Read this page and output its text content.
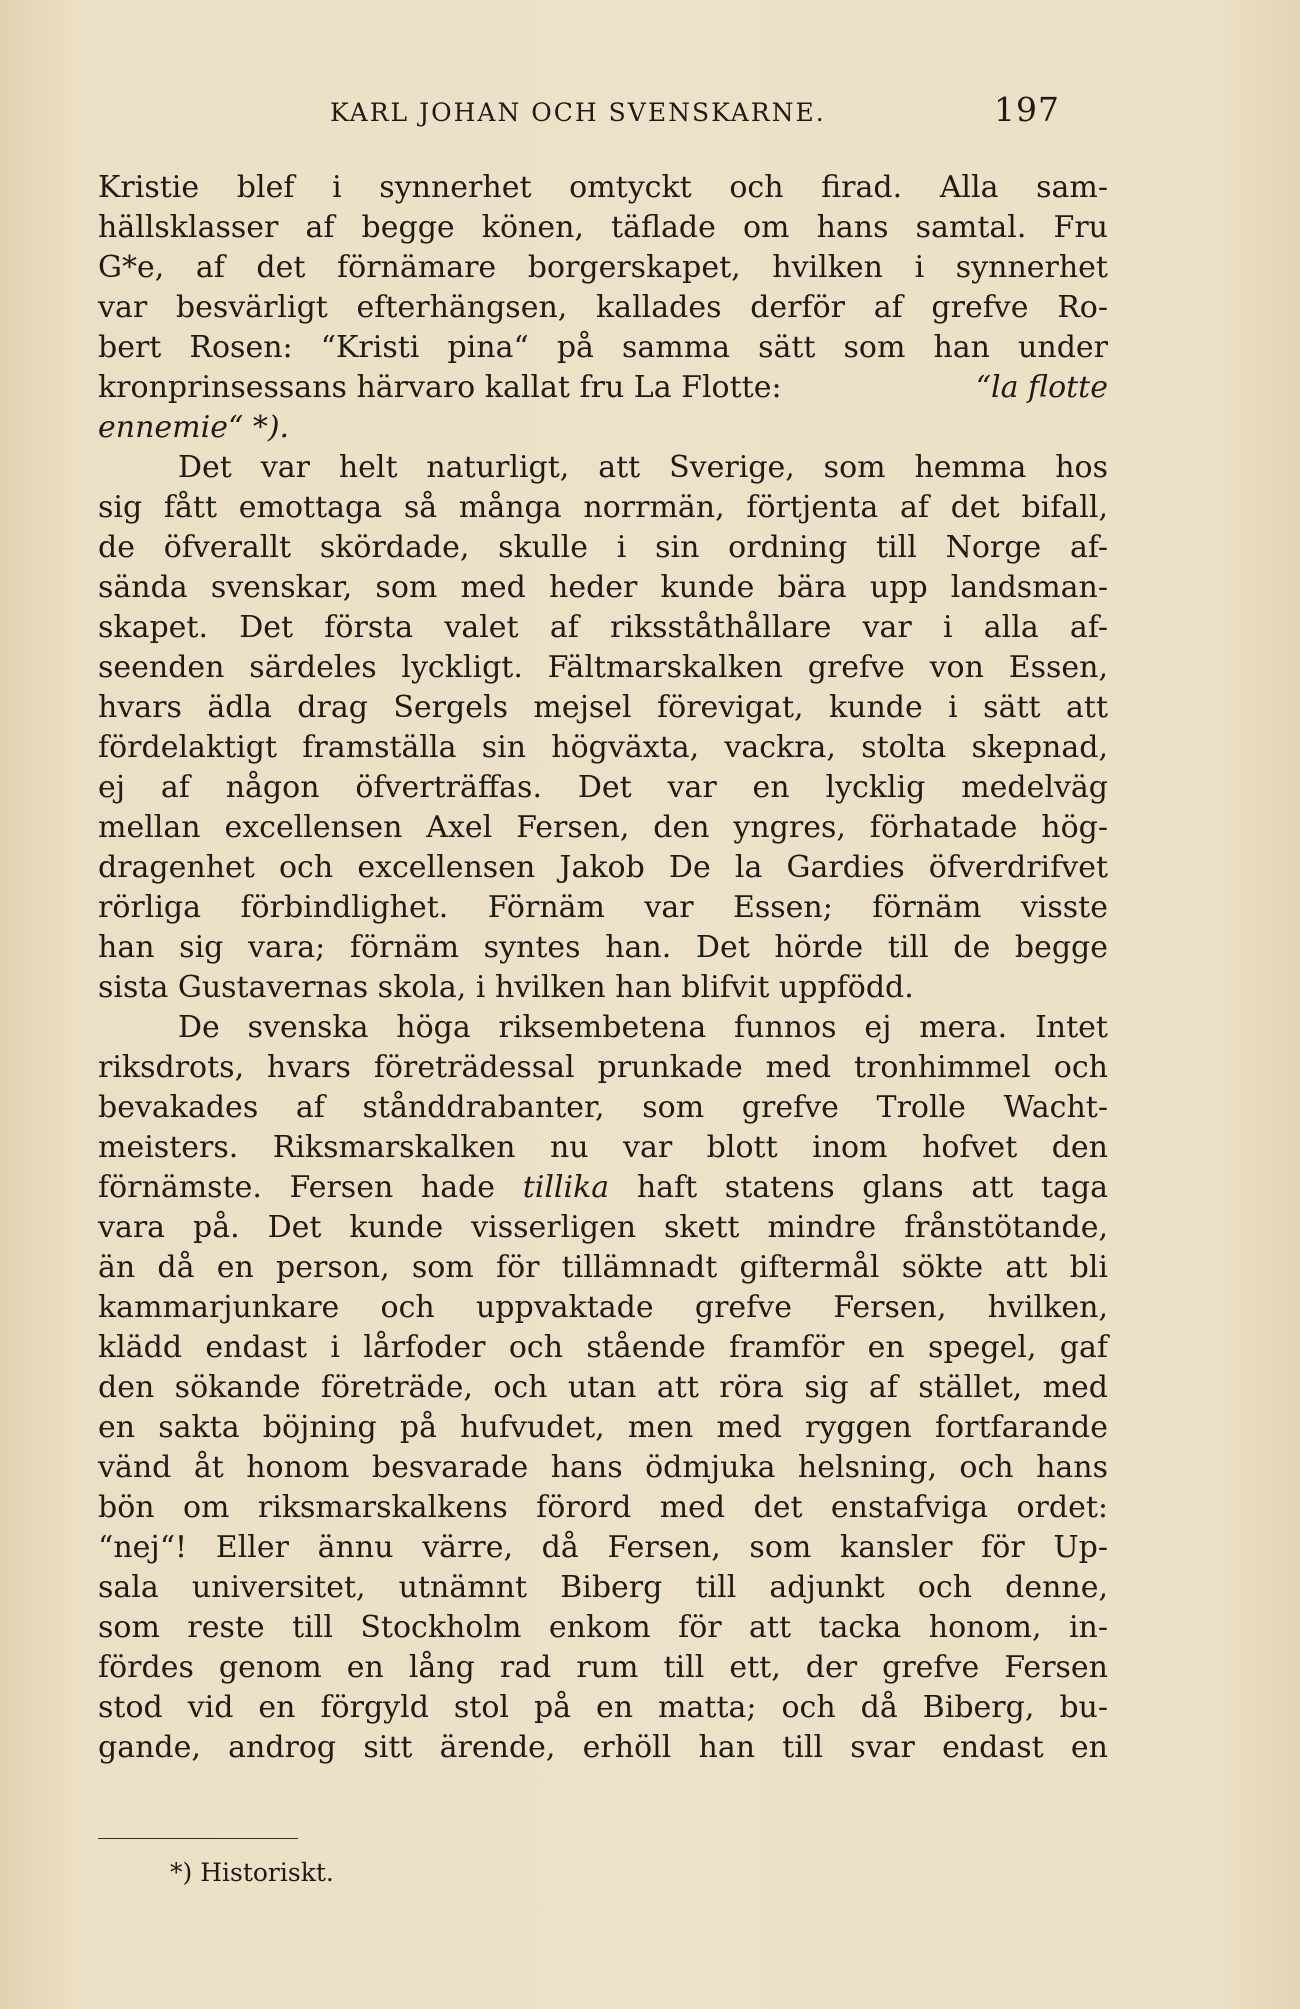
KARL JOHAN OCH SVENSKARNE.	197
Kristie blef i synnerhet omtyckt och firad. Alla sam-
hällsklasser af begge könen, täflade om hans samtal. Fru
G*e, af det förnämare borgerskapet, hvilken i synnerhet
var besvärligt efterhängsen, kallades derför af grefve Ro-
bert Rosen: “Kristi pina“ på samma sätt som han under
kronprinsessans härvaro kallat fru La Flotte:	“la flotte
ennemie“ *).
Det var helt naturligt, att Sverige, som hemma hos
sig fått emottaga så många norrmän, förtjenta af det bifall,
de öfverallt skördade, skulle i sin ordning till Norge af-
sända svenskar, som med heder kunde bära upp landsman-
skapet. Det första valet af riksståthållare var i alla af-
seenden särdeles lyckligt. Fältmarskalken grefve von Essen,
hvars ädla drag Sergels mejsel förevigat, kunde i sätt att
fördelaktigt framställa sin högväxta, vackra, stolta skepnad,
ej af någon öfverträffas. Det var en lycklig medelväg
mellan excellensen Axel Fersen, den yngres, förhatade hög-
dragenhet och excellensen Jakob De la Gardies öfverdrifvet
rörliga förbindlighet. Förnäm var Essen; förnäm visste
han sig vara; förnäm syntes han. Det hörde till de begge
sista Gustavernas skola, i hvilken han blifvit uppfödd.
De svenska höga riksembetena funnos ej mera. Intet
riksdrots, hvars företrädessal prunkade med tronhimmel och
bevakades af stånddrabanter, som grefve Trolle Wacht-
meisters. Riksmarskalken nu var blott inom hofvet den
förnämste. Fersen hade tillika haft statens glans att taga
vara på. Det kunde visserligen skett mindre frånstötande,
än då en person, som för tillämnadt giftermål sökte att bli
kammarjunkare och uppvaktade grefve Fersen, hvilken,
klädd endast i lårfoder och stående framför en spegel, gaf
den sökande företräde, och utan att röra sig af stället, med
en sakta böjning på hufvudet, men med ryggen fortfarande
vänd åt honom besvarade hans ödmjuka helsning, och hans
bön om riksmarskalkens förord med det enstafviga ordet:
“nej“! Eller ännu värre, då Fersen, som kansler för Up-
sala universitet, utnämnt Biberg till adjunkt och denne,
som reste till Stockholm enkom för att tacka honom, in-
fördes genom en lång rad rum till ett, der grefve Fersen
stod vid en förgyld stol på en matta; och då Biberg, bu-
gande, androg sitt ärende, erhöll han till svar endast en
*) Historiskt.
